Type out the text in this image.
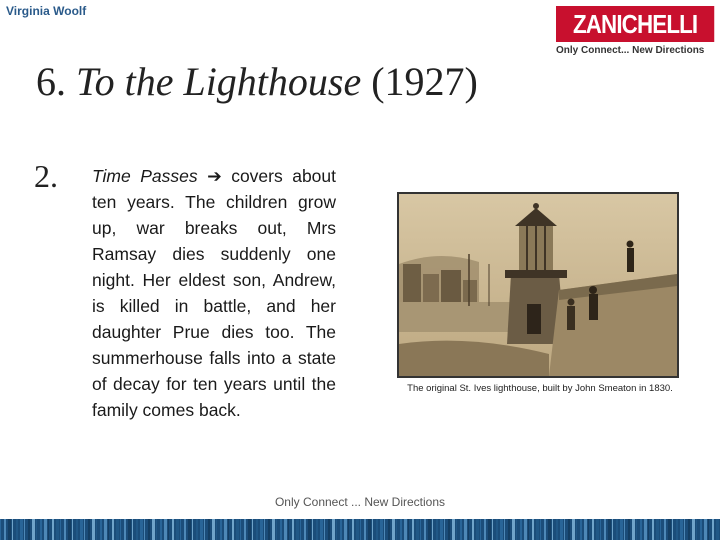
Virginia Woolf	ZANICHELLI
Only Connect... New Directions
6. To the Lighthouse (1927)
2. Time Passes ➔ covers about ten years. The children grow up, war breaks out, Mrs Ramsay dies suddenly one night. Her eldest son, Andrew, is killed in battle, and her daughter Prue dies too. The summerhouse falls into a state of decay for ten years until the family comes back.
The original St. Ives lighthouse, built by John Smeaton in 1830.
Only Connect ... New Directions
